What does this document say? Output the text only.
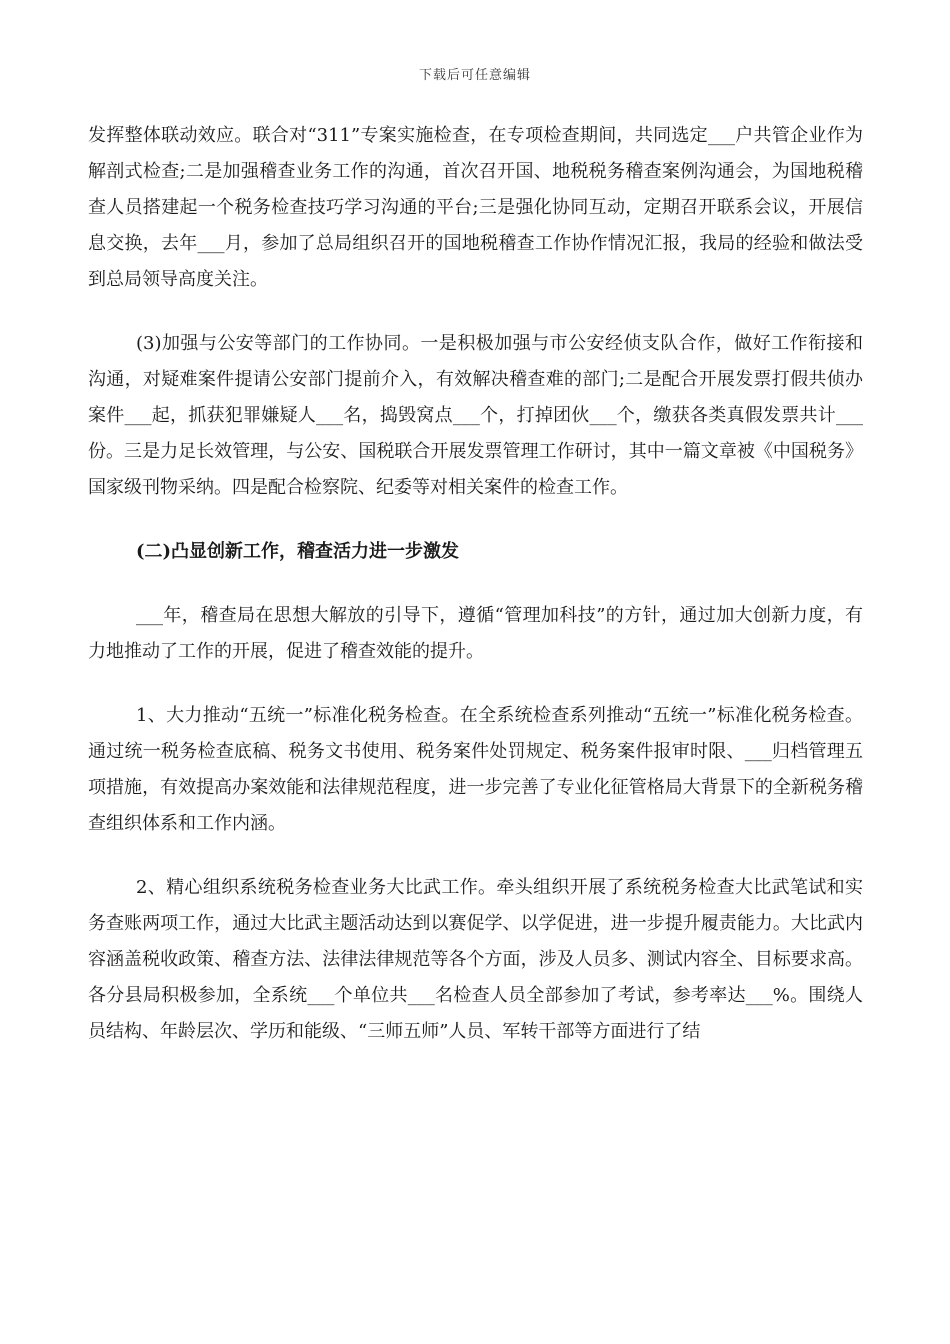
下载后可任意编辑

发挥整体联动效应。联合对“311”专案实施检查，在专项检查期间，共同选定___户共管企业作为解剖式检查;二是加强稽查业务工作的沟通，首次召开国、地税税务稽查案例沟通会，为国地税稽查人员搭建起一个税务检查技巧学习沟通的平台;三是强化协同互动，定期召开联系会议，开展信息交换，去年___月，参加了总局组织召开的国地税稽查工作协作情况汇报，我局的经验和做法受到总局领导高度关注。

(3)加强与公安等部门的工作协同。一是积极加强与市公安经侦支队合作，做好工作衔接和沟通，对疑难案件提请公安部门提前介入，有效解决稽查难的部门;二是配合开展发票打假共侦办案件___起，抓获犯罪嫌疑人___名，捣毁窝点___个，打掉团伙___个，缴获各类真假发票共计___份。三是力足长效管理，与公安、国税联合开展发票管理工作研讨，其中一篇文章被《中国税务》国家级刊物采纳。四是配合检察院、纪委等对相关案件的检查工作。

(二)凸显创新工作，稽查活力进一步激发

___年，稽查局在思想大解放的引导下，遵循“管理加科技”的方针，通过加大创新力度，有力地推动了工作的开展，促进了稽查效能的提升。

1、大力推动“五统一”标准化税务检查。在全系统检查系列推动“五统一”标准化税务检查。通过统一税务检查底稿、税务文书使用、税务案件处罚规定、税务案件报审时限、___归档管理五项措施，有效提高办案效能和法律规范程度，进一步完善了专业化征管格局大背景下的全新税务稽查组织体系和工作内涵。

2、精心组织系统税务检查业务大比武工作。牵头组织开展了系统税务检查大比武笔试和实务查账两项工作，通过大比武主题活动达到以赛促学、以学促进，进一步提升履责能力。大比武内容涵盖税收政策、稽查方法、法律法律规范等各个方面，涉及人员多、测试内容全、目标要求高。各分县局积极参加，全系统___个单位共___名检查人员全部参加了考试，参考率达___%。围绕人员结构、年龄层次、学历和能级、“三师五师”人员、军转干部等方面进行了结
